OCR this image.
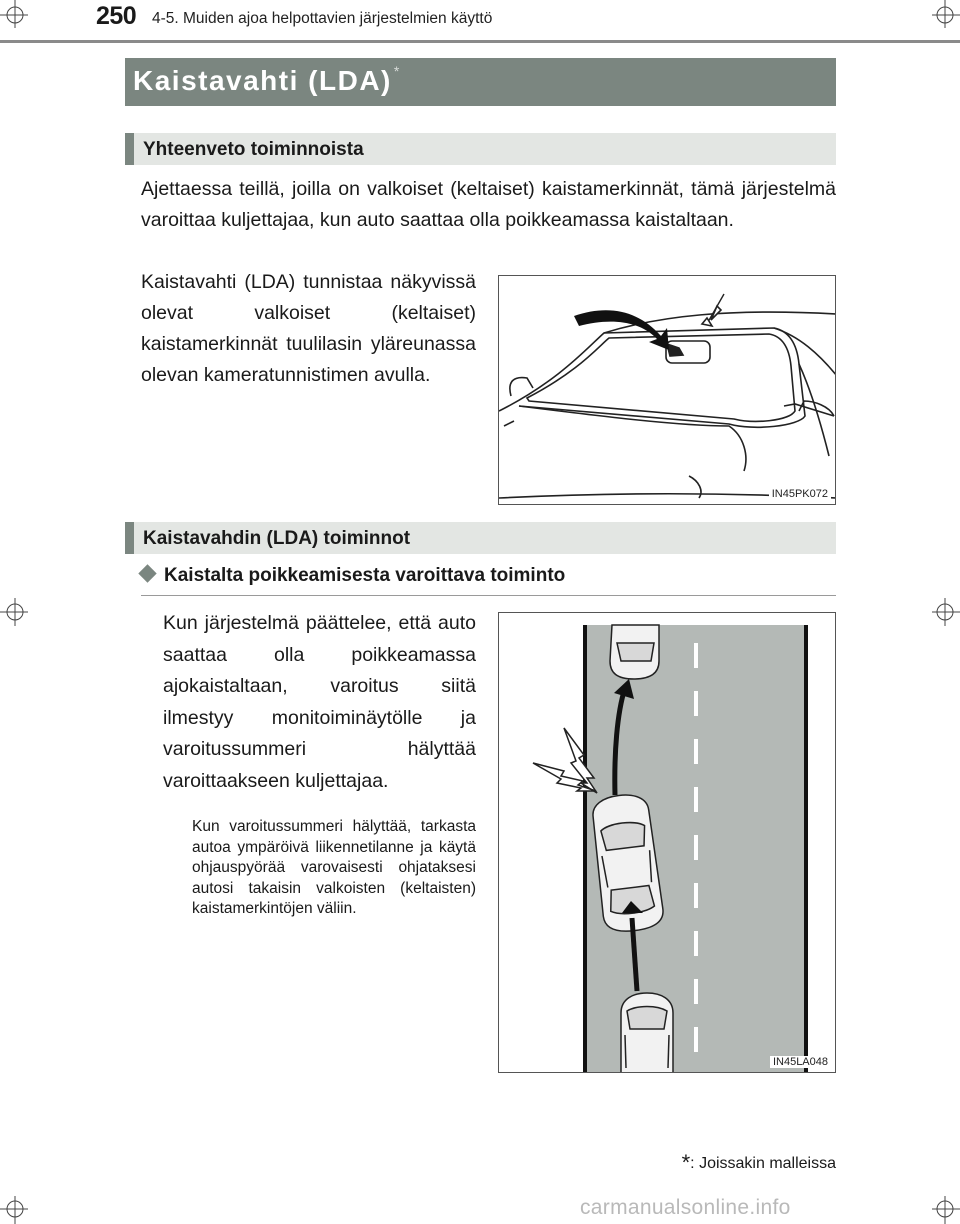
250 4-5. Muiden ajoa helpottavien järjestelmien käyttö
Kaistavahti (LDA) *
Yhteenveto toiminnoista
Ajettaessa teillä, joilla on valkoiset (keltaiset) kaistamerkinnät, tämä järjestelmä varoittaa kuljettajaa, kun auto saattaa olla poikkeamassa kaistaltaan.
Kaistavahti (LDA) tunnistaa näkyvissä olevat valkoiset (keltaiset) kaistamerkinnät tuulilasin yläreunassa olevan kameratunnistimen avulla.
IN45PK072
Kaistavahdin (LDA) toiminnot
Kaistalta poikkeamisesta varoittava toiminto
Kun järjestelmä päättelee, että auto saattaa olla poikkeamassa ajokaistaltaan, varoitus siitä ilmestyy monitoiminäytölle ja varoitussummeri hälyttää varoittaakseen kuljettajaa.
Kun varoitussummeri hälyttää, tarkasta autoa ympäröivä liikennetilanne ja käytä ohjauspyörää varovaisesti ohjataksesi autosi takaisin valkoisten (keltaisten) kaistamerkintöjen väliin.
IN45LA048
*: Joissakin malleissa
carmanualsonline.info
